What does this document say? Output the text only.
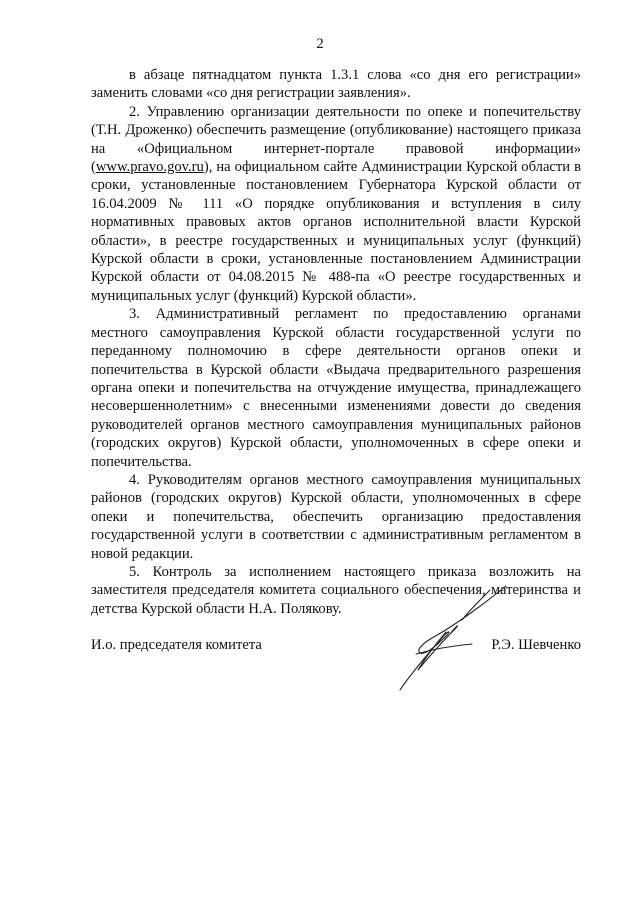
2

в абзаце пятнадцатом пункта 1.3.1 слова «со дня его регистрации» заменить словами «со дня регистрации заявления».

2. Управлению организации деятельности по опеке и попечительству (Т.Н. Дроженко) обеспечить размещение (опубликование) настоящего приказа на «Официальном интернет-портале правовой информации» (www.pravo.gov.ru), на официальном сайте Администрации Курской области в сроки, установленные постановлением Губернатора Курской области от 16.04.2009 № 111 «О порядке опубликования и вступления в силу нормативных правовых актов органов исполнительной власти Курской области», в реестре государственных и муниципальных услуг (функций) Курской области в сроки, установленные постановлением Администрации Курской области от 04.08.2015 № 488-па «О реестре государственных и муниципальных услуг (функций) Курской области».

3. Административный регламент по предоставлению органами местного самоуправления Курской области государственной услуги по переданному полномочию в сфере деятельности органов опеки и попечительства в Курской области «Выдача предварительного разрешения органа опеки и попечительства на отчуждение имущества, принадлежащего несовершеннолетним» с внесенными изменениями довести до сведения руководителей органов местного самоуправления муниципальных районов (городских округов) Курской области, уполномоченных в сфере опеки и попечительства.

4. Руководителям органов местного самоуправления муниципальных районов (городских округов) Курской области, уполномоченных в сфере опеки и попечительства, обеспечить организацию предоставления государственной услуги в соответствии с административным регламентом в новой редакции.

5. Контроль за исполнением настоящего приказа возложить на заместителя председателя комитета социального обеспечения, материнства и детства Курской области Н.А. Полякову.

И.о. председателя комитета	Р.Э. Шевченко
